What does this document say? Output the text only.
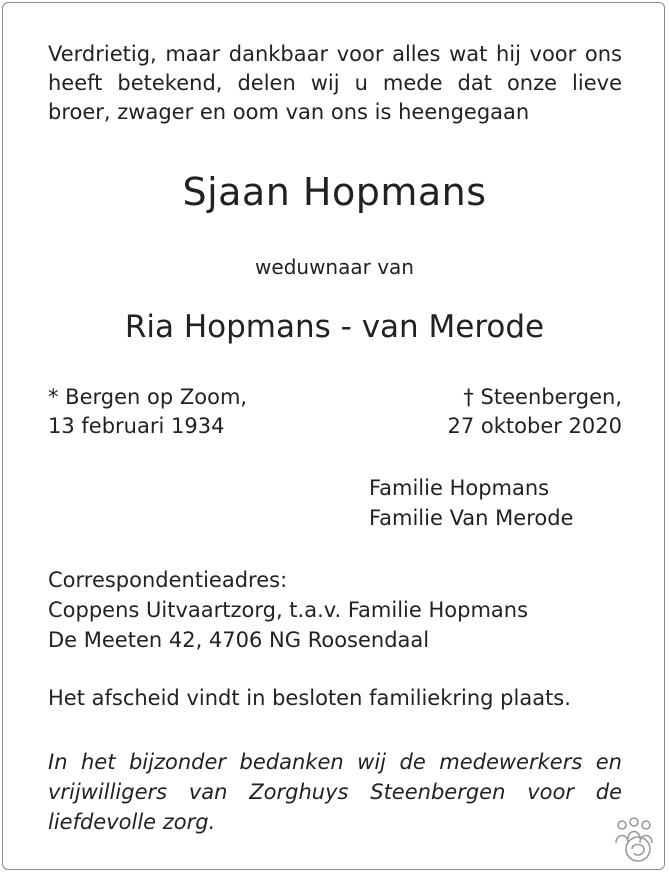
Verdrietig, maar dankbaar voor alles wat hij voor ons heeft betekend, delen wij u mede dat onze lieve broer, zwager en oom van ons is heengegaan
Sjaan Hopmans
weduwnaar van
Ria Hopmans - van Merode
* Bergen op Zoom,
13 februari 1934
† Steenbergen,
27 oktober 2020
Familie Hopmans
Familie Van Merode
Correspondentieadres:
Coppens Uitvaartzorg, t.a.v. Familie Hopmans
De Meeten 42, 4706 NG Roosendaal
Het afscheid vindt in besloten familiekring plaats.
In het bijzonder bedanken wij de medewerkers en vrijwilligers van Zorghuys Steenbergen voor de liefdevolle zorg.
